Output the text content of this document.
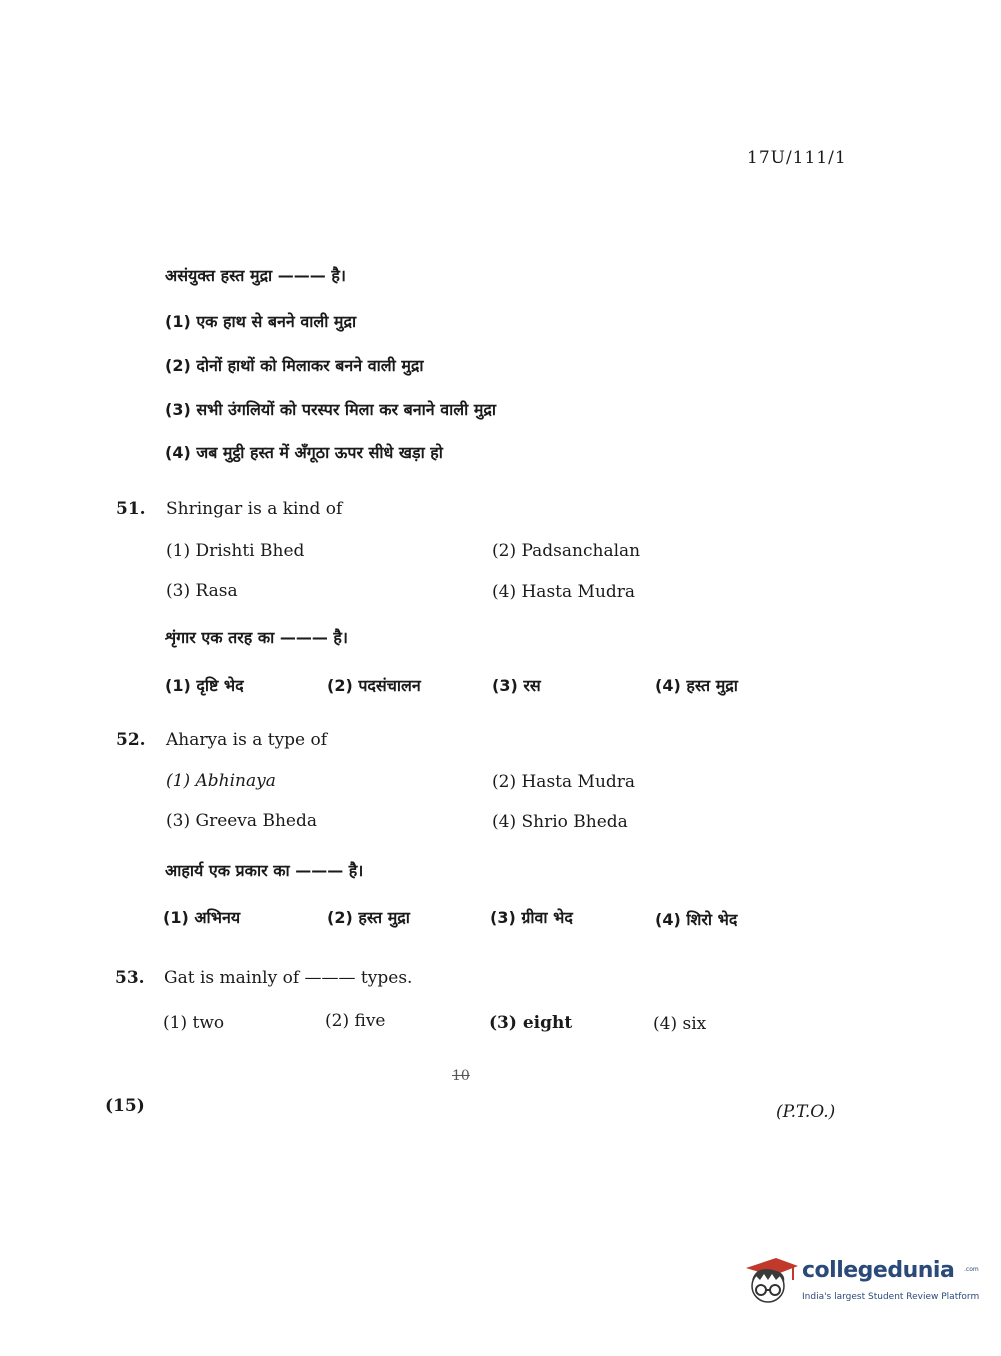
17U/111/1
असंयुक्त हस्त मुद्रा ——— है।
(1) एक हाथ से बनने वाली मुद्रा
(2) दोनों हाथों को मिलाकर बनने वाली मुद्रा
(3) सभी उंगलियों को परस्पर मिला कर बनाने वाली मुद्रा
(4) जब मुट्ठी हस्त में अँगूठा ऊपर सीधे खड़ा हो
51. Shringar is a kind of
(1) Drishti Bhed	(2) Padsanchalan
(3) Rasa	(4) Hasta Mudra
शृंगार एक तरह का ——— है।
(1) दृष्टि भेद	(2) पदसंचालन	(3) रस	(4) हस्त मुद्रा
52. Aharya is a type of
(1) Abhinaya	(2) Hasta Mudra
(3) Greeva Bheda	(4) Shrio Bheda
आहार्य एक प्रकार का ——— है।
(1) अभिनय	(2) हस्त मुद्रा	(3) ग्रीवा भेद	(4) शिरो भेद
53. Gat is mainly of ——— types.
(1) two	(2) five	(3) eight	(4) six
10
(15)	(P.T.O.)
collegedunia .com
India's largest Student Review Platform
